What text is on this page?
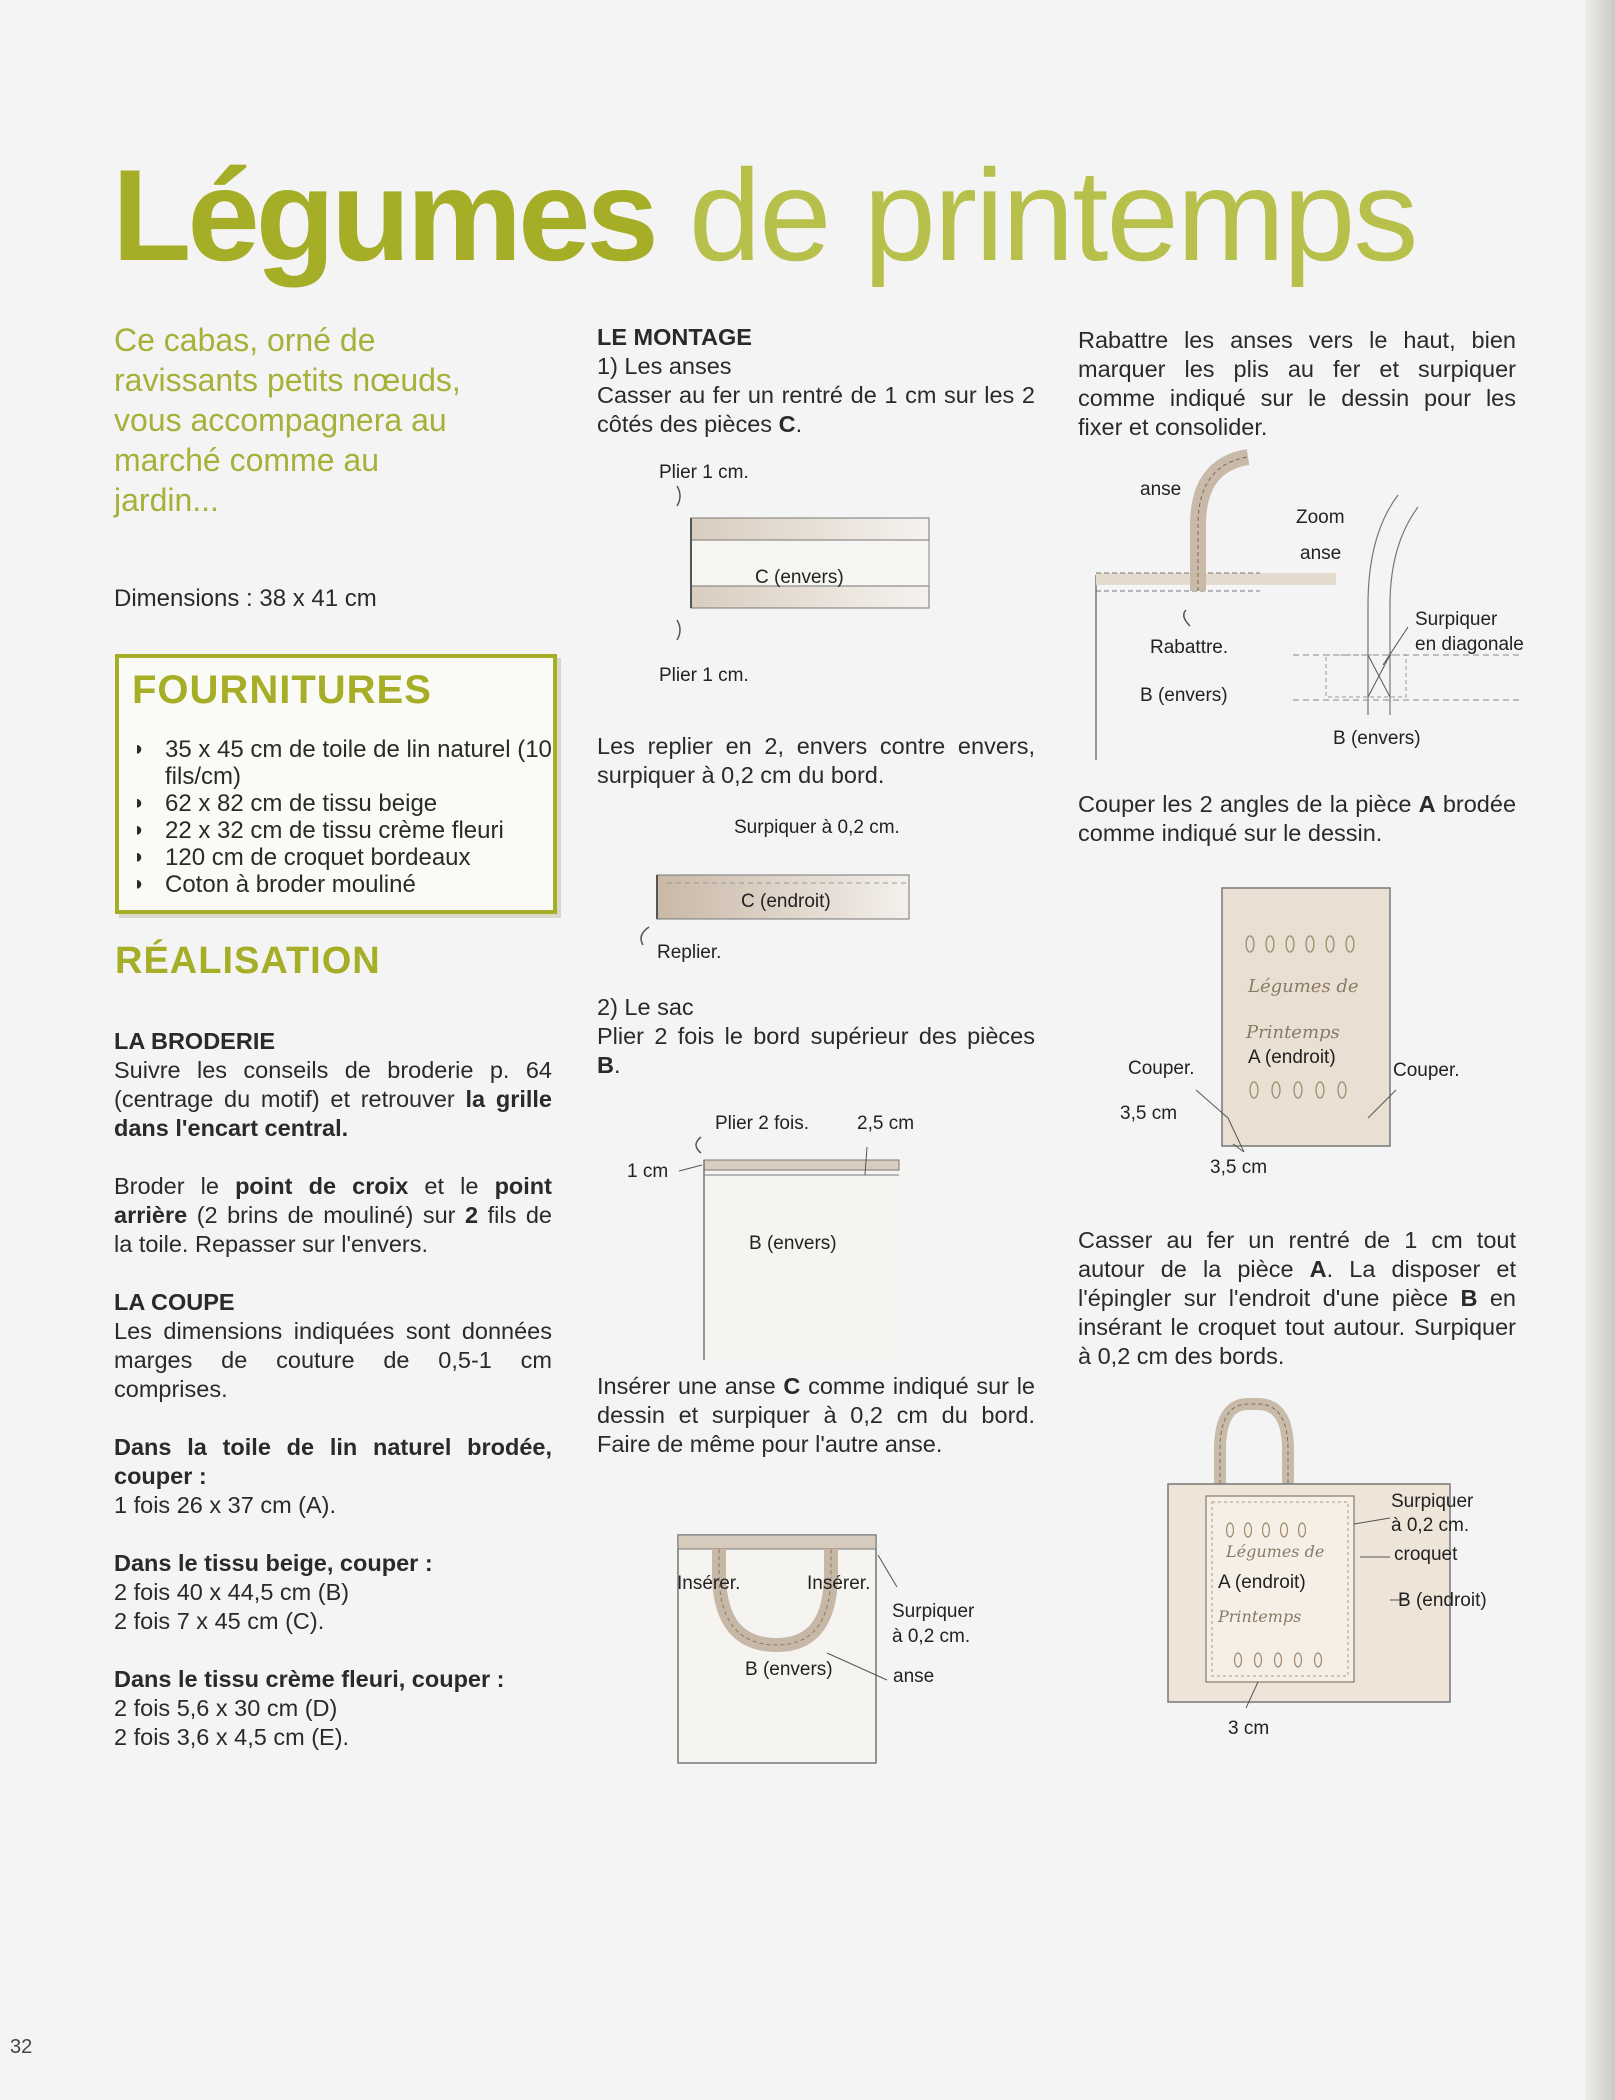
Légumes de printemps
Ce cabas, orné de ravissants petits nœuds, vous accompagnera au marché comme au jardin...
Dimensions : 38 x 41 cm
FOURNITURES
◗ 35 x 45 cm de toile de lin naturel (10 fils/cm)
◗ 62 x 82 cm de tissu beige
◗ 22 x 32 cm de tissu crème fleuri
◗ 120 cm de croquet bordeaux
◗ Coton à broder mouliné
RÉALISATION

LA BRODERIE

Suivre les conseils de broderie p. 64 (centrage du motif) et retrouver la grille dans l'encart central.

Broder le point de croix et le point arrière (2 brins de mouliné) sur 2 fils de la toile. Repasser sur l'envers.

LA COUPE

Les dimensions indiquées sont données marges de couture de 0,5-1 cm comprises.

Dans la toile de lin naturel brodée, couper :

1 fois 26 x 37 cm (A).

Dans le tissu beige, couper :

2 fois 40 x 44,5 cm (B)

2 fois 7 x 45 cm (C).

Dans le tissu crème fleuri, couper :

2 fois 5,6 x 30 cm (D)

2 fois 3,6 x 4,5 cm (E).

LE MONTAGE

1) Les anses

Casser au fer un rentré de 1 cm sur les 2 côtés des pièces C.

Plier 1 cm.
C (envers)
Plier 1 cm.
Les replier en 2, envers contre envers, surpiquer à 0,2 cm du bord.
Surpiquer à 0,2 cm.
C (endroit)
Replier.

2) Le sac

Plier 2 fois le bord supérieur des pièces B.

Plier 2 fois.	2,5 cm
1 cm
B (envers)
Insérer une anse C comme indiqué sur le dessin et surpiquer à 0,2 cm du bord. Faire de même pour l'autre anse.
Insérer.	Insérer.
Surpiquer
à 0,2 cm.
B (envers)	anse
Rabattre les anses vers le haut, bien marquer les plis au fer et surpiquer comme indiqué sur le dessin pour les fixer et consolider.
anse
Zoom
anse
Rabattre.
B (envers)
Surpiquer
en diagonale
B (envers)
Couper les 2 angles de la pièce A brodée comme indiqué sur le dessin.
Légumes de
Printemps
A (endroit)
Couper.	Couper.
3,5 cm
3,5 cm
Casser au fer un rentré de 1 cm tout autour de la pièce A. La disposer et l'épingler sur l'endroit d'une pièce B en insérant le croquet tout autour. Surpiquer à 0,2 cm des bords.
Légumes de
Printemps
A (endroit)
Surpiquer
à 0,2 cm.
croquet
B (endroit)
3 cm
32
